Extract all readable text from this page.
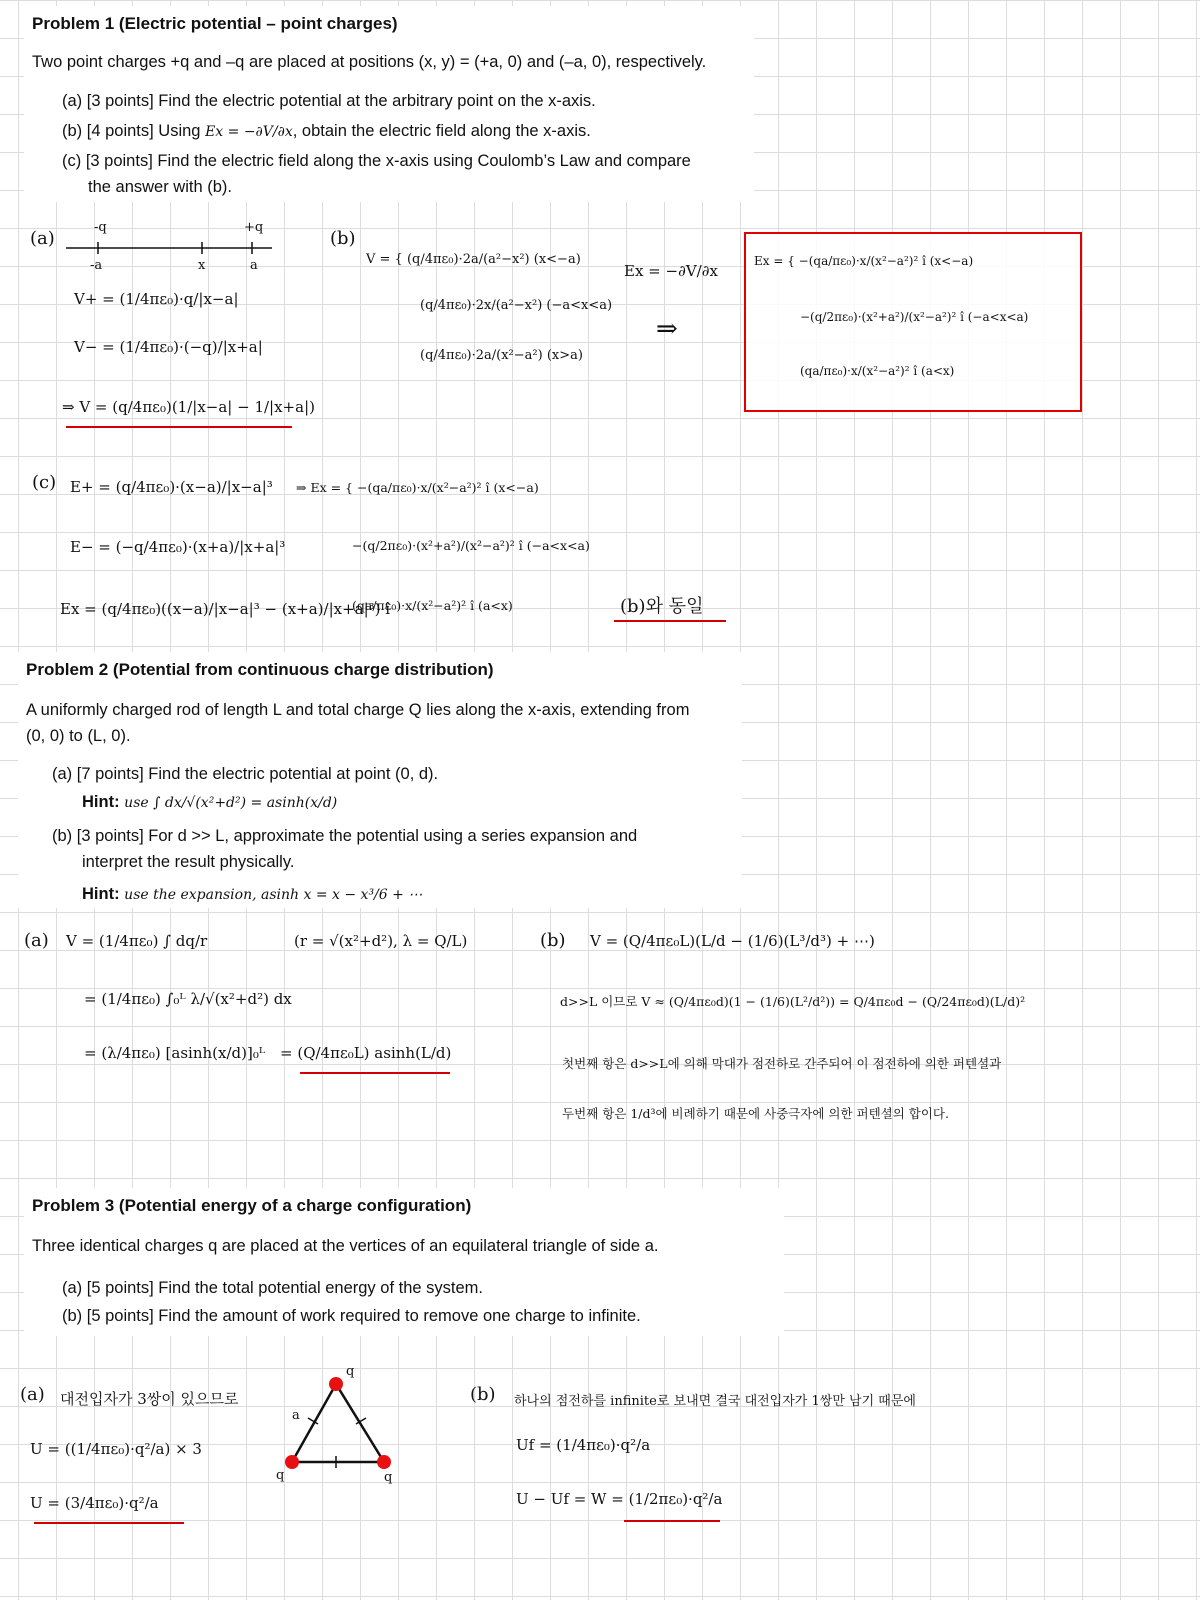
Problem 1 (Electric potential – point charges)
Two point charges +q and –q are placed at positions (x, y) = (+a, 0) and (–a, 0), respectively.
(a) [3 points] Find the electric potential at the arbitrary point on the x-axis.
(b) [4 points] Using Ex = −∂V/∂x, obtain the electric field along the x-axis.
(c) [3 points] Find the electric field along the x-axis using Coulomb’s Law and compare
the answer with (b).
(a)
-q	+q
-a	x	a
V+ = (1/4πε₀)·q/|x−a|
V− = (1/4πε₀)·(−q)/|x+a|
⇒ V = (q/4πε₀)(1/|x−a| − 1/|x+a|)
(b)
V = { (q/4πε₀)·2a/(a²−x²) (x<−a)
(q/4πε₀)·2x/(a²−x²) (−a<x<a)
(q/4πε₀)·2a/(x²−a²) (x>a)
Ex = −∂V/∂x
⇒
Ex = { −(qa/πε₀)·x/(x²−a²)² î (x<−a)
−(q/2πε₀)·(x²+a²)/(x²−a²)² î (−a<x<a)
(qa/πε₀)·x/(x²−a²)² î (a<x)
(c) E+ = (q/4πε₀)·(x−a)/|x−a|³
E− = (−q/4πε₀)·(x+a)/|x+a|³
Ex = (q/4πε₀)((x−a)/|x−a|³ − (x+a)/|x+a|³) î
⇒ Ex = { −(qa/πε₀)·x/(x²−a²)² î (x<−a)
−(q/2πε₀)·(x²+a²)/(x²−a²)² î (−a<x<a)
(qa/πε₀)·x/(x²−a²)² î (a<x)	(b)와 동일
Problem 2 (Potential from continuous charge distribution)
A uniformly charged rod of length L and total charge Q lies along the x-axis, extending from
(0, 0) to (L, 0).
(a) [7 points] Find the electric potential at point (0, d).
Hint: use ∫ dx/√(x²+d²) = asinh(x/d)
(b) [3 points] For d >> L, approximate the potential using a series expansion and
interpret the result physically.
Hint: use the expansion, asinh x = x − x³/6 + ⋯
(a) V = (1/4πε₀) ∫ dq/r	(r = √(x²+d²), λ = Q/L)
= (1/4πε₀) ∫₀ᴸ λ/√(x²+d²) dx
= (λ/4πε₀) [asinh(x/d)]₀ᴸ = (Q/4πε₀L) asinh(L/d)
(b) V = (Q/4πε₀L)(L/d − (1/6)(L³/d³) + ⋯)
d>>L 이므로 V ≈ (Q/4πε₀d)(1 − (1/6)(L²/d²)) = Q/4πε₀d − (Q/24πε₀d)(L/d)²
첫번째 항은 d>>L에 의해 막대가 점전하로 간주되어 이 점전하에 의한 퍼텐셜과
두번째 항은 1/d³에 비례하기 때문에 사중극자에 의한 퍼텐셜의 합이다.
Problem 3 (Potential energy of a charge configuration)
Three identical charges q are placed at the vertices of an equilateral triangle of side a.
(a) [5 points] Find the total potential energy of the system.
(b) [5 points] Find the amount of work required to remove one charge to infinite.
(a) 대전입자가 3쌍이 있으므로
U = ((1/4πε₀)·q²/a) × 3
U = (3/4πε₀)·q²/a
q
q	q
a
(b) 하나의 점전하를 infinite로 보내면 결국 대전입자가 1쌍만 남기 때문에
Uf = (1/4πε₀)·q²/a
U − Uf = W = (1/2πε₀)·q²/a
